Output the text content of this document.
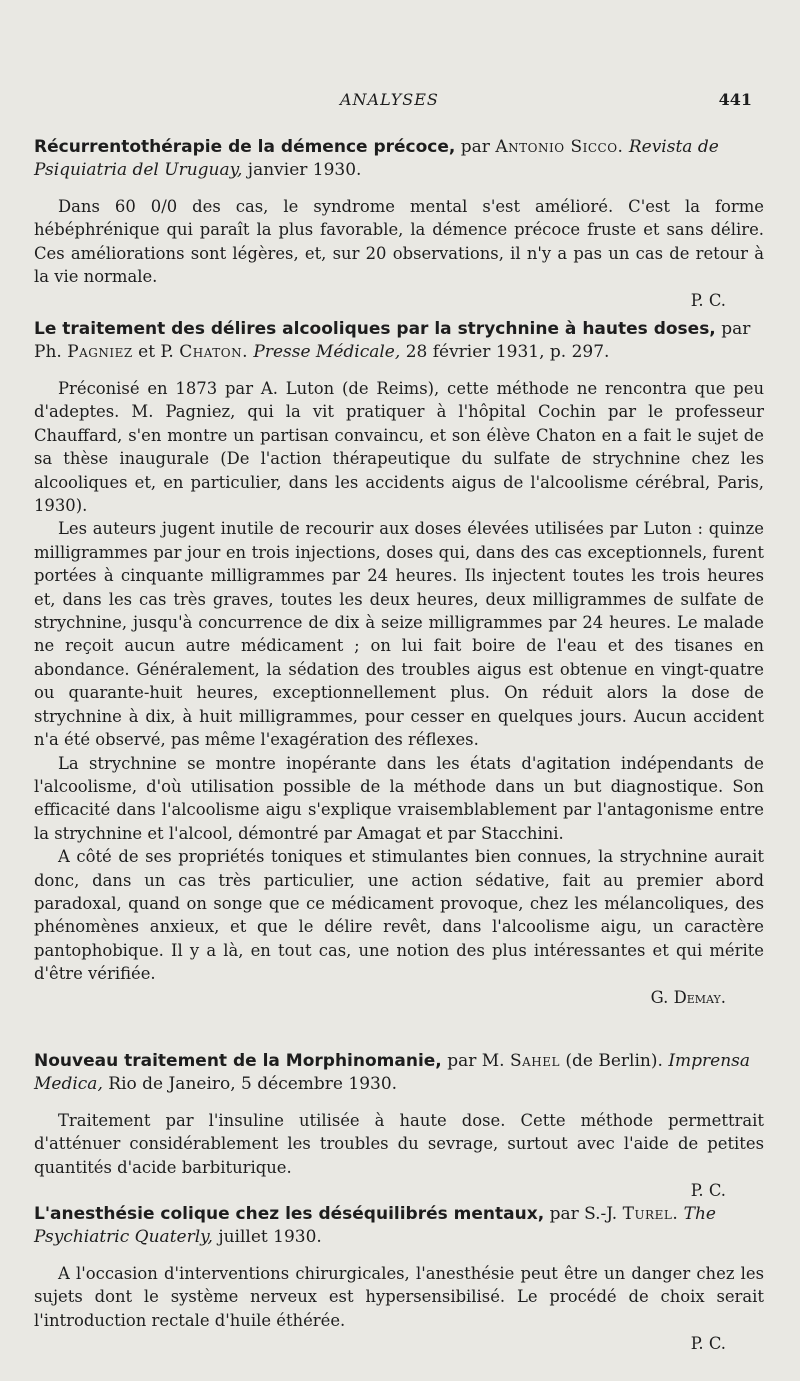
ANALYSES	441
Récurrentothérapie de la démence précoce, par Antonio Sicco. Revista de Psiquiatria del Uruguay, janvier 1930.

Dans 60 0/0 des cas, le syndrome mental s'est amélioré. C'est la forme hébéphrénique qui paraît la plus favorable, la démence précoce fruste et sans délire. Ces améliorations sont légères, et, sur 20 observations, il n'y a pas un cas de retour à la vie normale.

P. C.
Le traitement des délires alcooliques par la strychnine à hautes doses, par Ph. Pagniez et P. Chaton. Presse Médicale, 28 février 1931, p. 297.

Préconisé en 1873 par A. Luton (de Reims), cette méthode ne rencontra que peu d'adeptes. M. Pagniez, qui la vit pratiquer à l'hôpital Cochin par le professeur Chauffard, s'en montre un partisan convaincu, et son élève Chaton en a fait le sujet de sa thèse inaugurale (De l'action thérapeutique du sulfate de strychnine chez les alcooliques et, en particulier, dans les accidents aigus de l'alcoolisme cérébral, Paris, 1930).

Les auteurs jugent inutile de recourir aux doses élevées utilisées par Luton : quinze milligrammes par jour en trois injections, doses qui, dans des cas exceptionnels, furent portées à cinquante milligrammes par 24 heures. Ils injectent toutes les trois heures et, dans les cas très graves, toutes les deux heures, deux milligrammes de sulfate de strychnine, jusqu'à concurrence de dix à seize milligrammes par 24 heures. Le malade ne reçoit aucun autre médicament ; on lui fait boire de l'eau et des tisanes en abondance. Généralement, la sédation des troubles aigus est obtenue en vingt-quatre ou quarante-huit heures, exceptionnellement plus. On réduit alors la dose de strychnine à dix, à huit milligrammes, pour cesser en quelques jours. Aucun accident n'a été observé, pas même l'exagération des réflexes.

La strychnine se montre inopérante dans les états d'agitation indépendants de l'alcoolisme, d'où utilisation possible de la méthode dans un but diagnostique. Son efficacité dans l'alcoolisme aigu s'explique vraisemblablement par l'antagonisme entre la strychnine et l'alcool, démontré par Amagat et par Stacchini.

A côté de ses propriétés toniques et stimulantes bien connues, la strychnine aurait donc, dans un cas très particulier, une action sédative, fait au premier abord paradoxal, quand on songe que ce médicament provoque, chez les mélancoliques, des phénomènes anxieux, et que le délire revêt, dans l'alcoolisme aigu, un caractère pantophobique. Il y a là, en tout cas, une notion des plus intéressantes et qui mérite d'être vérifiée.

G. Demay.
Nouveau traitement de la Morphinomanie, par M. Sahel (de Berlin). Imprensa Medica, Rio de Janeiro, 5 décembre 1930.

Traitement par l'insuline utilisée à haute dose. Cette méthode permettrait d'atténuer considérablement les troubles du sevrage, surtout avec l'aide de petites quantités d'acide barbiturique.

P. C.
L'anesthésie colique chez les déséquilibrés mentaux, par S.-J. Turel. The Psychiatric Quaterly, juillet 1930.

A l'occasion d'interventions chirurgicales, l'anesthésie peut être un danger chez les sujets dont le système nerveux est hypersensibilisé. Le procédé de choix serait l'introduction rectale d'huile éthérée.

P. C.
